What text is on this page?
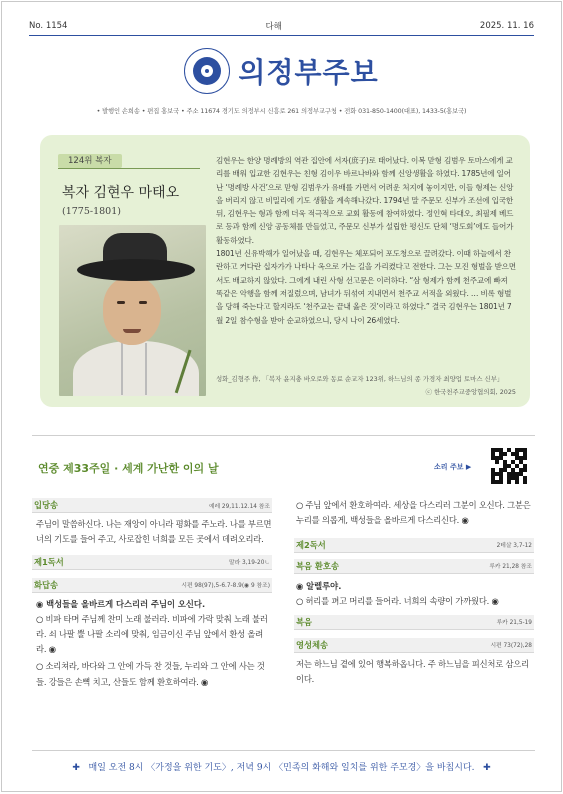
No. 1154	다해	2025. 11. 16
의정부주보
• 발행인 손희송 • 편집 홍보국 • 주소 11674 경기도 의정부시 신흥로 261 의정부교구청 • 전화 031-850-1400(대표), 1433-5(홍보국)
124위 복자
복자 김현우 마태오
(1775-1801)

김현우는 한양 명례방의 역관 집안에 서자(庶子)로 태어났다. 이복 맏형 김범우 토마스에게 교리를 배워 입교한 김현우는 친형 김이우 바르나바와 함께 신앙생활을 하였다. 1785년에 일어난 ‘명례방 사건’으로 맏형 김범우가 유배를 가면서 어려운 처지에 놓이지만, 이들 형제는 신앙을 버리지 않고 비밀리에 기도 생활을 계속해나갔다. 1794년 말 주문모 신부가 조선에 입국한 뒤, 김현우는 형과 함께 더욱 적극적으로 교회 활동에 참여하였다. 정인혁 타대오, 최필제 베드로 등과 함께 신앙 공동체를 만들었고, 주문모 신부가 설립한 평신도 단체 ‘명도회’에도 들어가 활동하였다.

1801년 신유박해가 일어났을 때, 김현우는 체포되어 포도청으로 끌려갔다. 이때 하늘에서 찬란하고 커다란 십자가가 나타나 옥으로 가는 길을 가리켰다고 전한다. 그는 모진 형벌을 받으면서도 배교하지 않았다. 그에게 내린 사형 선고문은 이러하다. “삼 형제가 함께 천주교에 빠져 똑같은 악행을 함께 저질렀으며, 남녀가 뒤섞여 지내면서 천주교 서적을 외웠다. … 비록 형벌을 당해 죽는다고 할지라도 ‘천주교는 끝내 옳은 것’이라고 하였다.” 결국 김현우는 1801년 7월 2일 참수형을 받아 순교하였으니, 당시 나이 26세였다.

성화_김형주 作, 「복자 윤지충 바오로와 동료 순교자 123위, 하느님의 종 가경자 최양업 토마스 신부」
ⓒ 한국천주교중앙협의회, 2025
연중 제33주일 · 세계 가난한 이의 날	소리 주보 ▶
입당송	예레 29,11.12.14 참조
주님이 말씀하신다. 나는 재앙이 아니라 평화를 주노라. 나를 부르면 너의 기도를 들어 주고, 사로잡힌 너희를 모든 곳에서 데려오리라.
제1독서	말라 3,19-20ㄴ
화답송	시편 98(97),5-6.7-8.9(◉ 9 참조)
◉ 백성들을 올바르게 다스리러 주님이 오신다.
○ 비파 타며 주님께 찬미 노래 불러라. 비파에 가락 맞춰 노래 불러라. 쇠 나팔 뿔 나팔 소리에 맞춰, 임금이신 주님 앞에서 환성 올려라. ◉
○ 소리쳐라, 바다와 그 안에 가득 찬 것들, 누리와 그 안에 사는 것들. 강들은 손뼉 치고, 산들도 함께 환호하여라. ◉
○ 주님 앞에서 환호하여라. 세상을 다스리러 그분이 오신다. 그분은 누리를 의롭게, 백성들을 올바르게 다스리신다. ◉
제2독서	2테살 3,7-12
복음 환호송	루카 21,28 참조
◉ 알렐루야.
○ 허리를 펴고 머리를 들어라. 너희의 속량이 가까웠다. ◉
복음	루카 21,5-19
영성체송	시편 73(72),28
저는 하느님 곁에 있어 행복하옵니다. 주 하느님을 피신처로 삼으리이다.
✚ 매일 오전 8시 〈가정을 위한 기도〉, 저녁 9시 〈민족의 화해와 일치를 위한 주모경〉을 바칩시다. ✚
